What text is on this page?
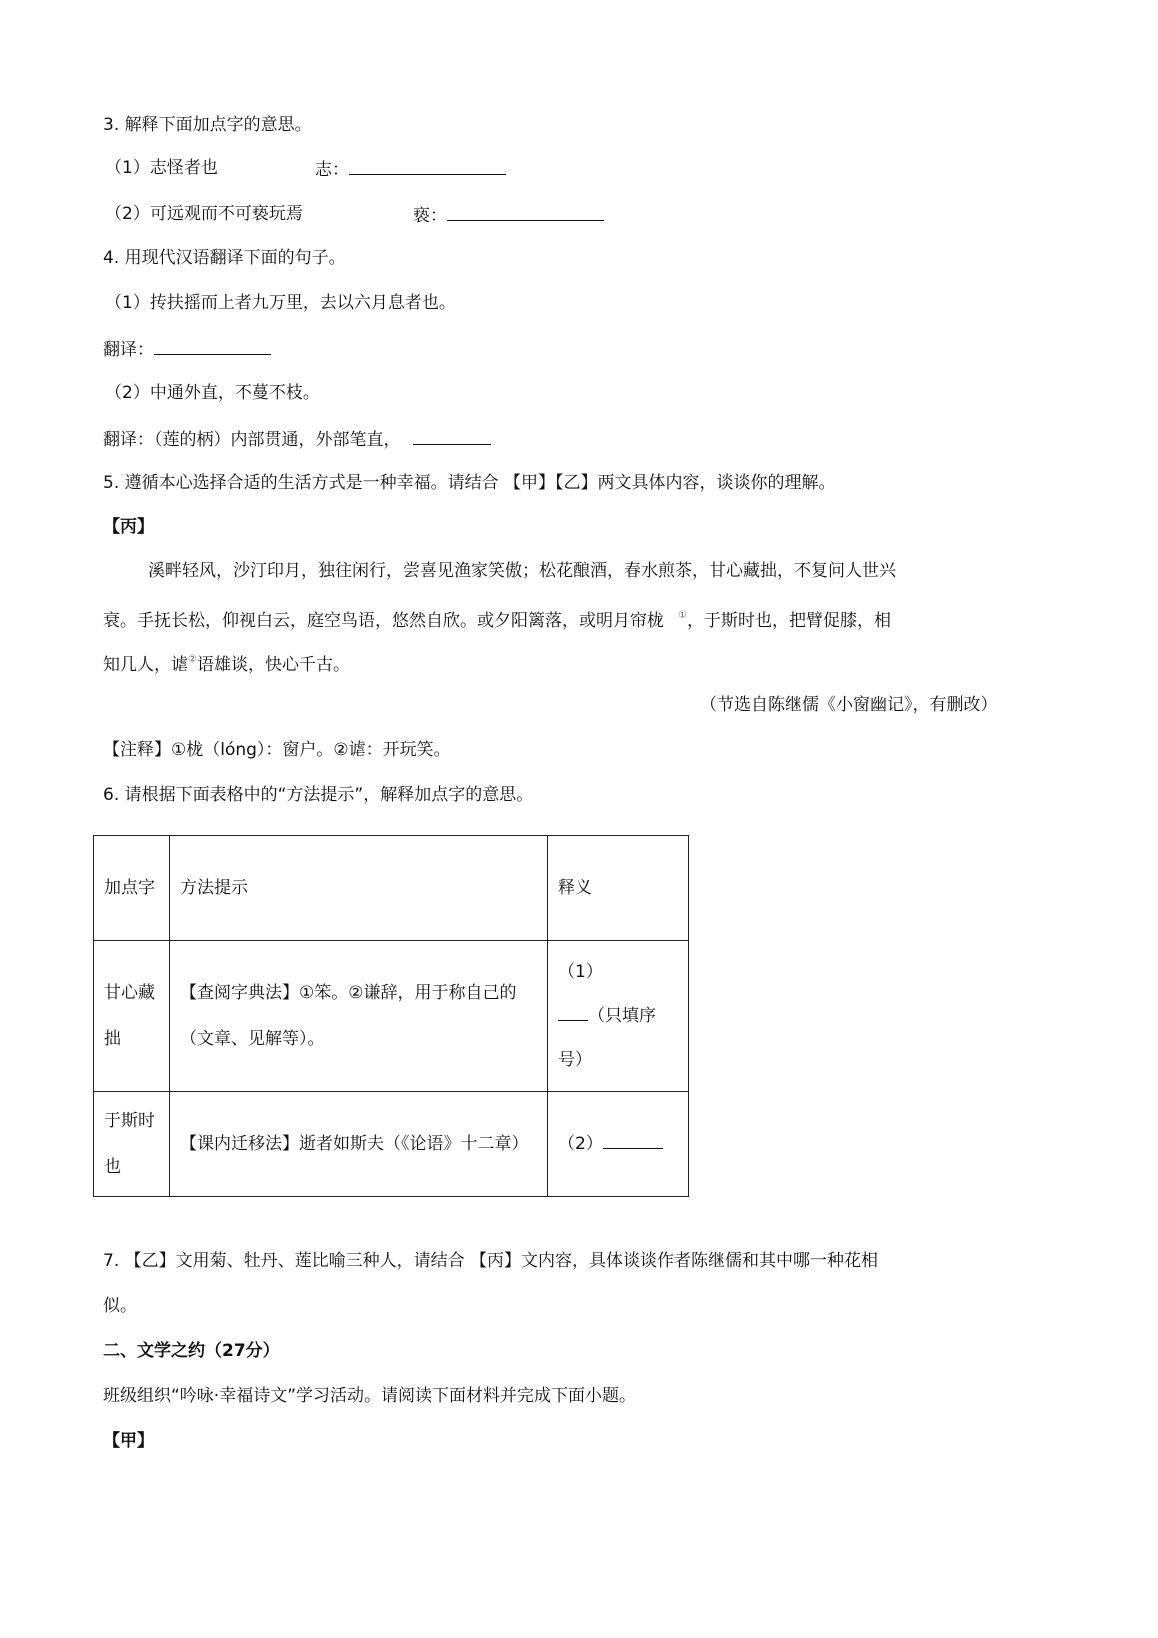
3. 解释下面加点字的意思。
（1）志怪者也	志：
（2）可远观而不可亵玩焉	亵：
4. 用现代汉语翻译下面的句子。
（1）抟扶摇而上者九万里，去以六月息者也。
翻译：
（2）中通外直，不蔓不枝。
翻译：（莲的柄）内部贯通，外部笔直，
5. 遵循本心选择合适的生活方式是一种幸福。请结合 【甲】【乙】两文具体内容，谈谈你的理解。
【丙】
溪畔轻风，沙汀印月，独往闲行，尝喜见渔家笑傲；松花酿酒，春水煎茶，甘心藏拙，不复问人世兴
衰。手抚长松，仰视白云，庭空鸟语，悠然自欣。或夕阳篱落，或明月帘栊 ①，于斯时也，把臂促膝，相
知几人，谑②语雄谈，快心千古。
（节选自陈继儒《小窗幽记》，有删改）
【注释】①栊（lóng）：窗户。②谑：开玩笑。
6. 请根据下面表格中的“方法提示”，解释加点字的意思。
加点字	方法提示	释义

甘心藏拙	【查阅字典法】①笨。②谦辞，用于称自己的（文章、见解等）。	（1）
（只填序号）

于斯时也	【课内迁移法】逝者如斯夫（《论语》十二章）	（2）
7. 【乙】文用菊、牡丹、莲比喻三种人，请结合 【丙】文内容，具体谈谈作者陈继儒和其中哪一种花相
似。
二、文学之约（27分）
班级组织“吟咏·幸福诗文”学习活动。请阅读下面材料并完成下面小题。
【甲】
